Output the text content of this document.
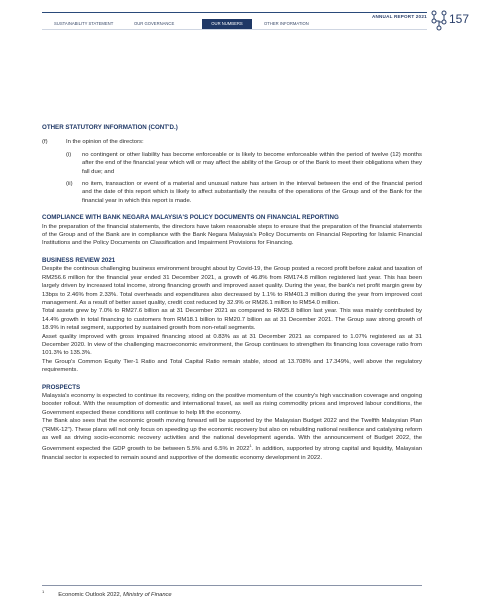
ANNUAL REPORT 2021 157
SUSTAINABILITY STATEMENT	OUR GOVERNANCE	OUR NUMBERS	OTHER INFORMATION
OTHER STATUTORY INFORMATION (CONT'D.)
(f)	In the opinion of the directors:

(i)	no contingent or other liability has become enforceable or is likely to become enforceable within the period of twelve (12) months after the end of the financial year which will or may affect the ability of the Group or of the Bank to meet their obligations when they fall due; and

(ii)	no item, transaction or event of a material and unusual nature has arisen in the interval between the end of the financial period and the date of this report which is likely to affect substantially the results of the operations of the Group and of the Bank for the financial year in which this report is made.

COMPLIANCE WITH BANK NEGARA MALAYSIA'S POLICY DOCUMENTS ON FINANCIAL REPORTING

In the preparation of the financial statements, the directors have taken reasonable steps to ensure that the preparation of the financial statements of the Group and of the Bank are in compliance with the Bank Negara Malaysia's Policy Documents on Financial Reporting for Islamic Financial Institutions and the Policy Documents on Classification and Impairment Provisions for Financing.

BUSINESS REVIEW 2021

Despite the continous challenging business environment brought about by Covid-19, the Group posted a record profit before zakat and taxation of RM256.6 million for the financial year ended 31 December 2021, a growth of 46.8% from RM174.8 million registered last year. This has been largely driven by increased total income, strong financing growth and improved asset quality. During the year, the bank's net profit margin grew by 13bps to 2.46% from 2.33%. Total overheads and expenditures also decreased by 1.1% to RM401.3 million during the year from improved cost management. As a result of better asset quality, credit cost reduced by 32.9% or RM26.1 million to RM54.0 million.

Total assets grew by 7.0% to RM27.6 billion as at 31 December 2021 as compared to RM25.8 billion last year. This was mainly contributed by 14.4% growth in total financing to customers from RM18.1 billion to RM20.7 billion as at 31 December 2021. The Group saw strong growth of 18.9% in retail segment, supported by sustained growth from non-retail segments.

Asset quality improved with gross impaired financing stood at 0.83% as at 31 December 2021 as compared to 1.07% registered as at 31 December 2020. In view of the challenging macroeconomic environment, the Group continues to strengthen its financing loss coverage ratio from 101.3% to 135.3%.

The Group's Common Equity Tier-1 Ratio and Total Capital Ratio remain stable, stood at 13.708% and 17.349%, well above the regulatory requirements.

PROSPECTS

Malaysia's economy is expected to continue its recovery, riding on the positive momentum of the country's high vaccination coverage and ongoing booster rollout. With the resumption of domestic and international travel, as well as rising commodity prices and improved labour conditions, the Government expected these conditions will continue to help lift the economy.

The Bank also sees that the economic growth moving forward will be supported by the Malaysian Budget 2022 and the Twelfth Malaysian Plan ("RMK-12"). These plans will not only focus on speeding up the economic recovery but also on rebuilding national resilience and catalysing reform as well as driving socio-economic recovery activities and the national development agenda. With the announcement of Budget 2022, the Government expected the GDP growth to be between 5.5% and 6.5% in 2022$^1$. In addition, supported by strong capital and liquidity, Malaysian financial sector is expected to remain sound and supportive of the domestic economy development in 2022.

$^1$Economic Outlook 2022, Ministry of Finance
